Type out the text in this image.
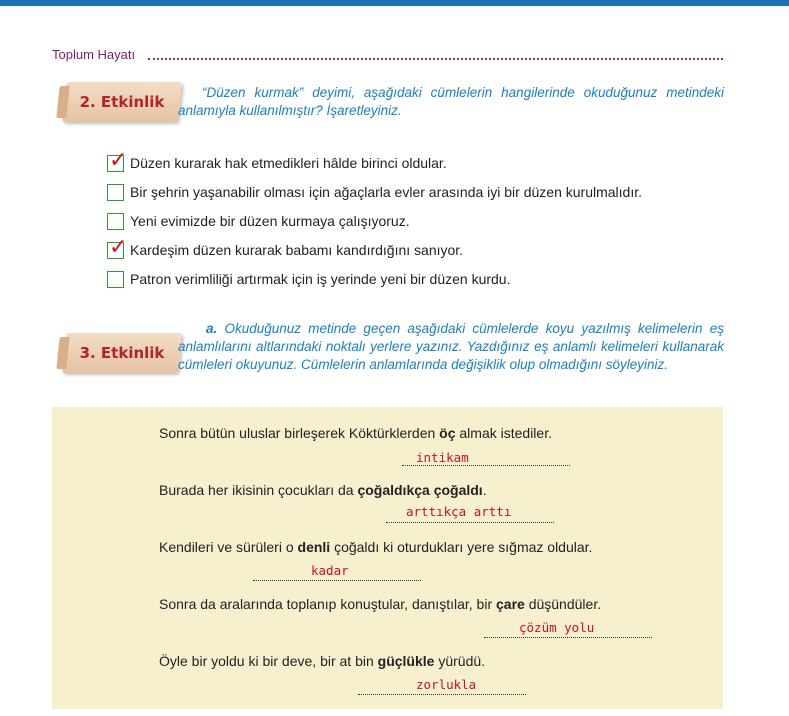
Toplum Hayatı
2. Etkinlik
“Düzen kurmak” deyimi, aşağıdaki cümlelerin hangilerinde okuduğunuz metindeki anlamıyla kullanılmıştır? İşaretleyiniz.
✓ Düzen kurarak hak etmedikleri hâlde birinci oldular.
Bir şehrin yaşanabilir olması için ağaçlarla evler arasında iyi bir düzen kurulmalıdır.
Yeni evimizde bir düzen kurmaya çalışıyoruz.
✓ Kardeşim düzen kurarak babamı kandırdığını sanıyor.
Patron verimliliği artırmak için iş yerinde yeni bir düzen kurdu.
3. Etkinlik
a. Okuduğunuz metinde geçen aşağıdaki cümlelerde koyu yazılmış kelimelerin eş anlamlılarını altlarındaki noktalı yerlere yazınız. Yazdığınız eş anlamlı kelimeleri kullanarak cümleleri okuyunuz. Cümlelerin anlamlarında değişiklik olup olmadığını söyleyiniz.
Sonra bütün uluslar birleşerek Köktürklerden öç almak istediler.
intikam
Burada her ikisinin çocukları da çoğaldıkça çoğaldı.
arttıkça arttı
Kendileri ve sürüleri o denli çoğaldı ki oturdukları yere sığmaz oldular.
kadar
Sonra da aralarında toplanıp konuştular, danıştılar, bir çare düşündüler.
çözüm yolu
Öyle bir yoldu ki bir deve, bir at bin güçlükle yürüdü.
zorlukla
